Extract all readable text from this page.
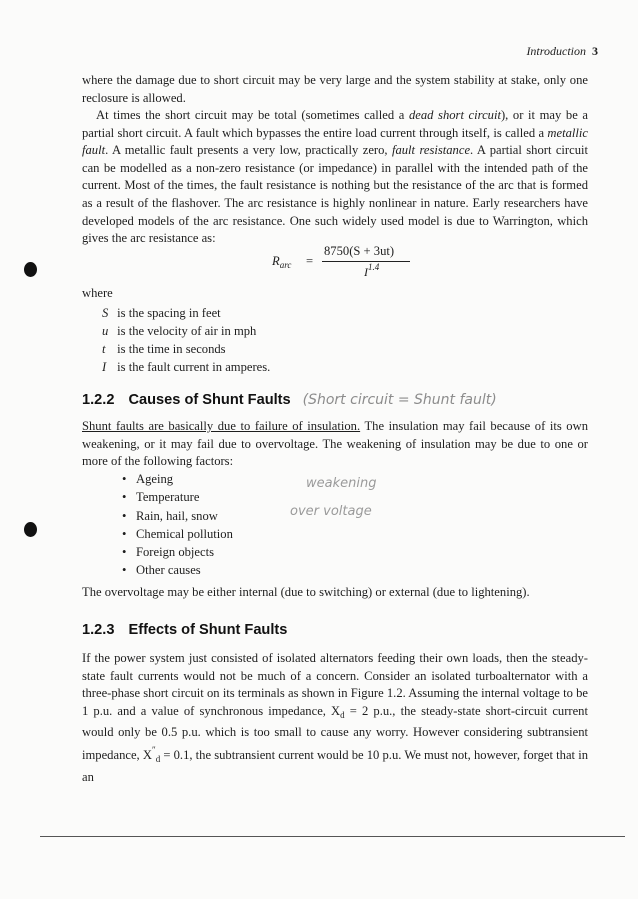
Introduction 3

where the damage due to short circuit may be very large and the system stability at stake, only one reclosure is allowed.

At times the short circuit may be total (sometimes called a dead short circuit), or it may be a partial short circuit. A fault which bypasses the entire load current through itself, is called a metallic fault. A metallic fault presents a very low, practically zero, fault resistance. A partial short circuit can be modelled as a non-zero resistance (or impedance) in parallel with the intended path of the current. Most of the times, the fault resistance is nothing but the resistance of the arc that is formed as a result of the flashover. The arc resistance is highly nonlinear in nature. Early researchers have developed models of the arc resistance. One such widely used model is due to Warrington, which gives the arc resistance as:

$R_{arc}$ =
8750(S + 3ut)
$I^{1.4}$
where
S is the spacing in feet
u is the velocity of air in mph
t is the time in seconds
I is the fault current in amperes.
1.2.2 Causes of Shunt Faults (Short circuit = Shunt fault)

Shunt faults are basically due to failure of insulation. The insulation may fail because of its own weakening, or it may fail due to overvoltage. The weakening of insulation may be due to one or more of the following factors:

• Ageing
• Temperature
• Rain, hail, snow
• Chemical pollution
• Foreign objects
• Other causes
weakening
over voltage

The overvoltage may be either internal (due to switching) or external (due to lightening).

1.2.3 Effects of Shunt Faults

If the power system just consisted of isolated alternators feeding their own loads, then the steady-state fault currents would not be much of a concern. Consider an isolated turboalternator with a three-phase short circuit on its terminals as shown in Figure 1.2. Assuming the internal voltage to be 1 p.u. and a value of synchronous impedance, $X_d = 2$ p.u., the steady-state short-circuit current would only be 0.5 p.u. which is too small to cause any worry. However considering subtransient impedance, $X''_d = 0.1$, the subtransient current would be 10 p.u. We must not, however, forget that in an
